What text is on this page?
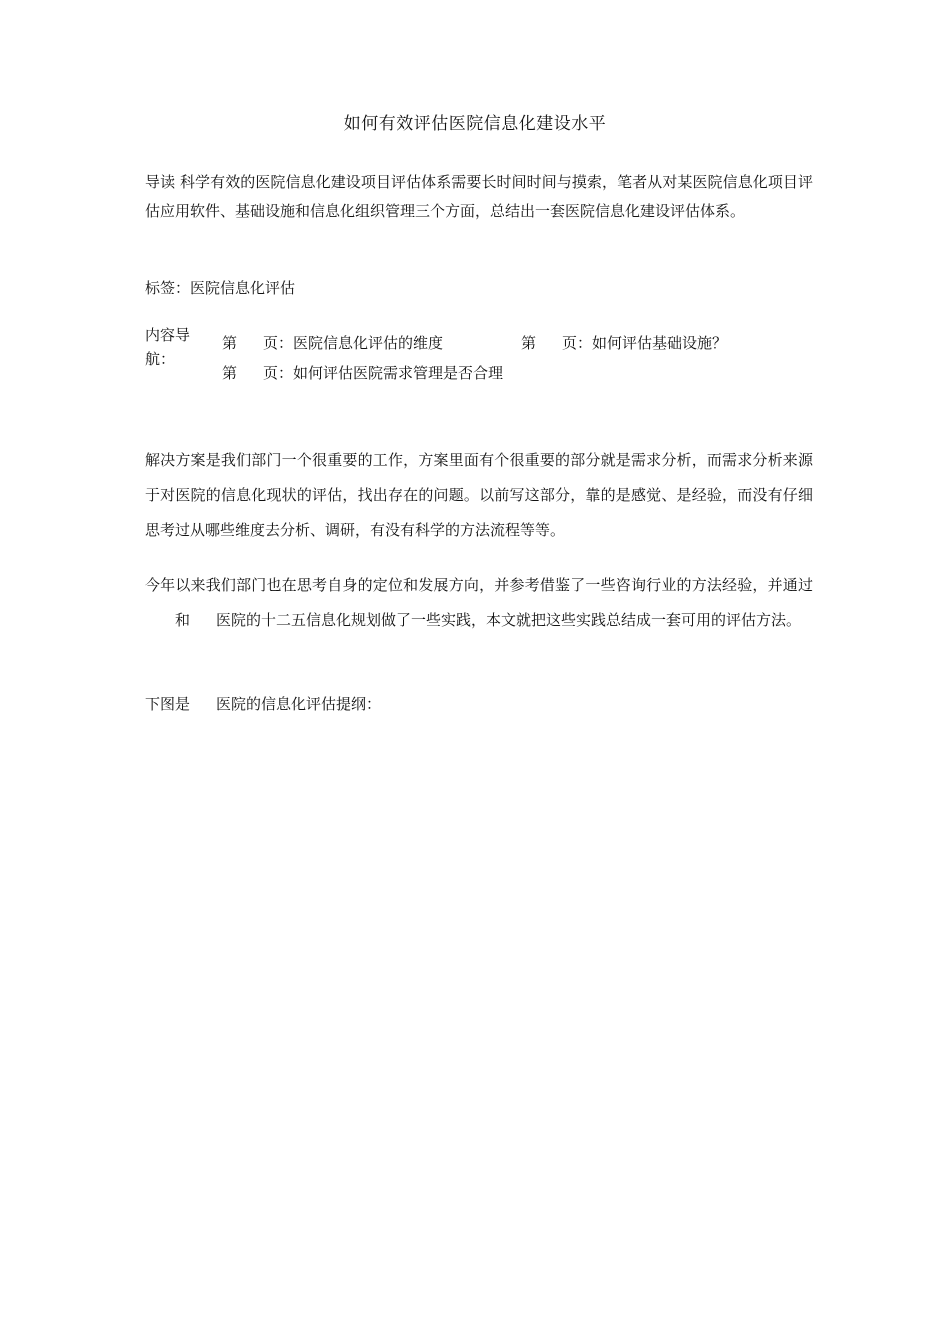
如何有效评估医院信息化建设水平
导读 科学有效的医院信息化建设项目评估体系需要长时间时间与摸索，笔者从对某医院信息化项目评估应用软件、基础设施和信息化组织管理三个方面，总结出一套医院信息化建设评估体系。
标签：医院信息化评估
内容导航：
第 页：医院信息化评估的维度	第 页：如何评估基础设施？
第 页：如何评估医院需求管理是否合理
解决方案是我们部门一个很重要的工作，方案里面有个很重要的部分就是需求分析，而需求分析来源于对医院的信息化现状的评估，找出存在的问题。以前写这部分，靠的是感觉、是经验，而没有仔细思考过从哪些维度去分析、调研，有没有科学的方法流程等等。
今年以来我们部门也在思考自身的定位和发展方向，并参考借鉴了一些咨询行业的方法经验，并通过和 医院的十二五信息化规划做了一些实践，本文就把这些实践总结成一套可用的评估方法。
下图是 医院的信息化评估提纲：
